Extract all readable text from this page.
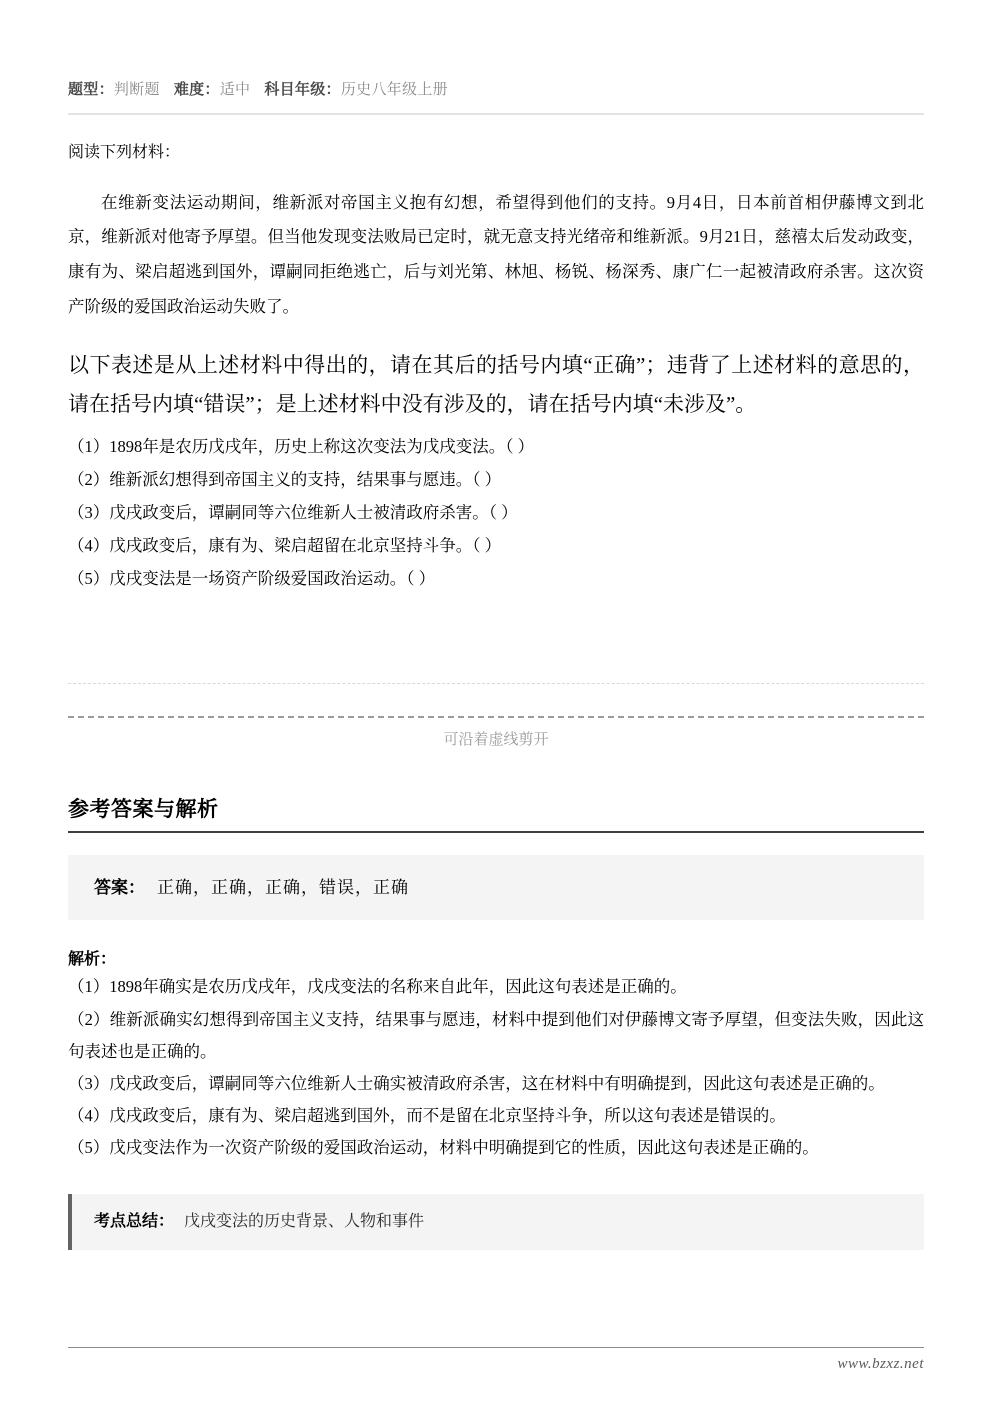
题型：判断题 难度：适中 科目年级：历史八年级上册
阅读下列材料：
在维新变法运动期间，维新派对帝国主义抱有幻想，希望得到他们的支持。9月4日，日本前首相伊藤博文到北京，维新派对他寄予厚望。但当他发现变法败局已定时，就无意支持光绪帝和维新派。9月21日，慈禧太后发动政变，康有为、梁启超逃到国外，谭嗣同拒绝逃亡，后与刘光第、林旭、杨锐、杨深秀、康广仁一起被清政府杀害。这次资产阶级的爱国政治运动失败了。
以下表述是从上述材料中得出的，请在其后的括号内填“正确”；违背了上述材料的意思的，请在括号内填“错误”；是上述材料中没有涉及的，请在括号内填“未涉及”。
（1）1898年是农历戊戌年，历史上称这次变法为戊戌变法。（ ）
（2）维新派幻想得到帝国主义的支持，结果事与愿违。（ ）
（3）戊戌政变后，谭嗣同等六位维新人士被清政府杀害。（ ）
（4）戊戌政变后，康有为、梁启超留在北京坚持斗争。（ ）
（5）戊戌变法是一场资产阶级爱国政治运动。（ ）
可沿着虚线剪开
参考答案与解析
答案： 正确，正确，正确，错误，正确
解析：
（1）1898年确实是农历戊戌年，戊戌变法的名称来自此年，因此这句表述是正确的。
（2）维新派确实幻想得到帝国主义支持，结果事与愿违，材料中提到他们对伊藤博文寄予厚望，但变法失败，因此这句表述也是正确的。
（3）戊戌政变后，谭嗣同等六位维新人士确实被清政府杀害，这在材料中有明确提到，因此这句表述是正确的。
（4）戊戌政变后，康有为、梁启超逃到国外，而不是留在北京坚持斗争，所以这句表述是错误的。
（5）戊戌变法作为一次资产阶级的爱国政治运动，材料中明确提到它的性质，因此这句表述是正确的。
考点总结： 戊戌变法的历史背景、人物和事件
www.bzxz.net
